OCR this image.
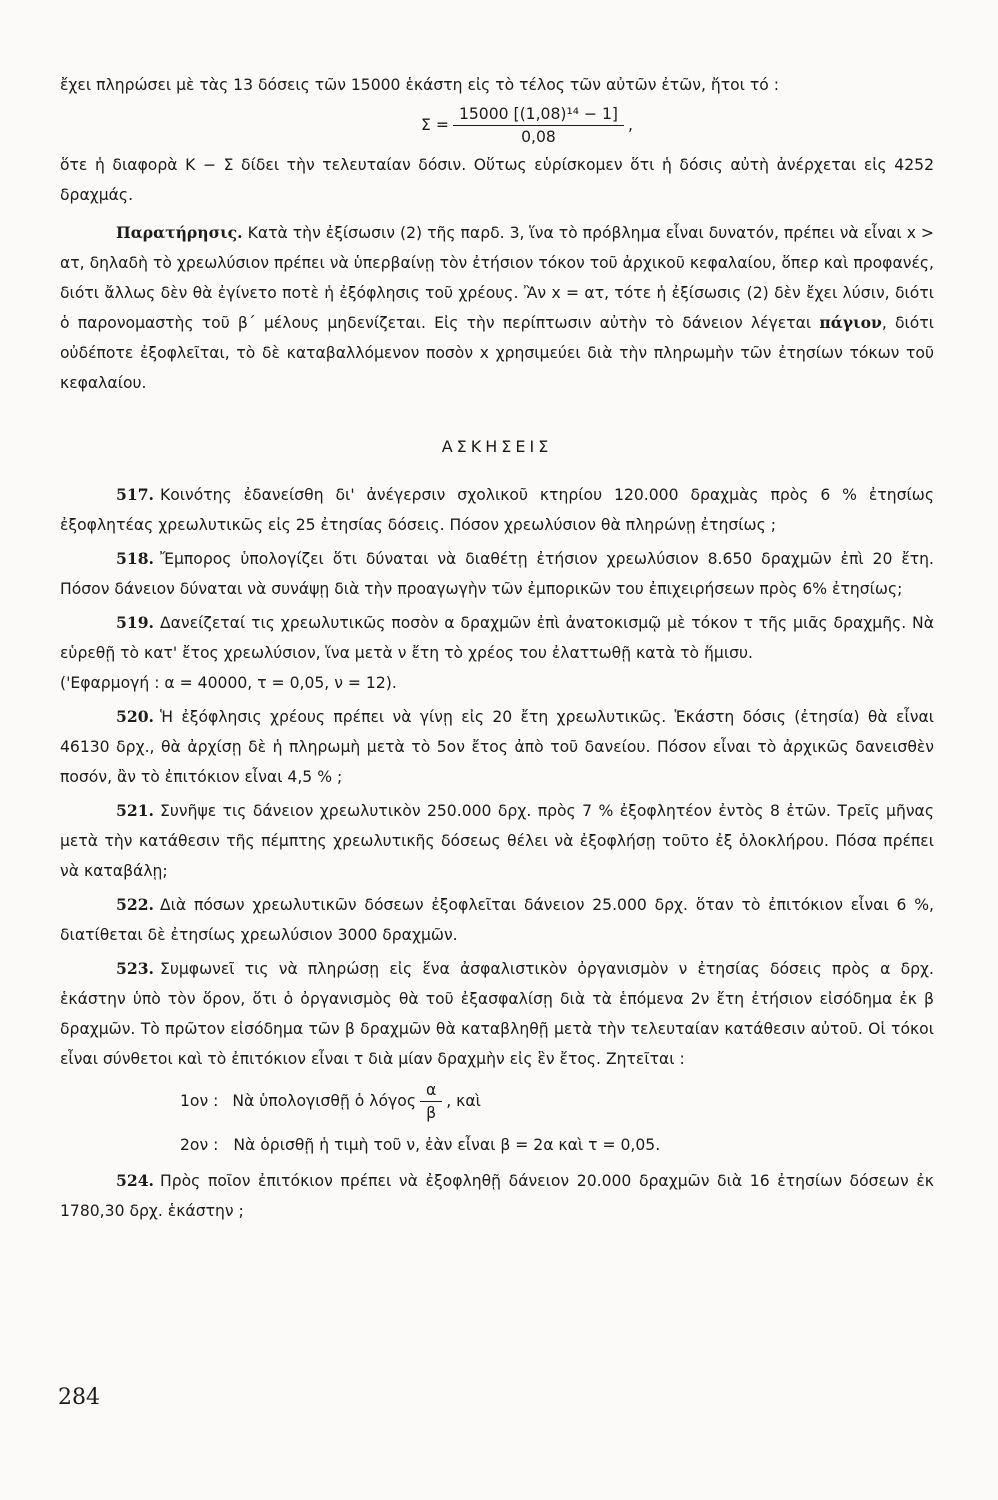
ἔχει πληρώσει μὲ τὰς 13 δόσεις τῶν 15000 ἑκάστη εἰς τὸ τέλος τῶν αὐτῶν ἐτῶν, ἤτοι τό :

$\Sigma = \frac{\text{15000 [(1,08)¹⁴ − 1]}}{0,08}$ ,

ὅτε ἡ διαφορὰ Κ − Σ δίδει τὴν τελευταίαν δόσιν. Οὕτως εὑρίσκομεν ὅτι ἡ δόσις αὐτὴ ἀνέρχεται εἰς 4252 δραχμάς.

Παρατήρησις. Κατὰ τὴν ἐξίσωσιν (2) τῆς παρδ. 3, ἵνα τὸ πρόβλημα εἶναι δυνατόν, πρέπει νὰ εἶναι x > ατ, δηλαδὴ τὸ χρεωλύσιον πρέπει νὰ ὑπερβαίνῃ τὸν ἐτήσιον τόκον τοῦ ἀρχικοῦ κεφαλαίου, ὅπερ καὶ προφανές, διότι ἄλλως δὲν θὰ ἐγίνετο ποτὲ ἡ ἐξόφλησις τοῦ χρέους. Ἂν x = ατ, τότε ἡ ἐξίσωσις (2) δὲν ἔχει λύσιν, διότι ὁ παρονομαστὴς τοῦ β΄ μέλους μηδενίζεται. Εἰς τὴν περίπτωσιν αὐτὴν τὸ δάνειον λέγεται πάγιον, διότι οὐδέποτε ἐξοφλεῖται, τὸ δὲ καταβαλλόμενον ποσὸν x χρησιμεύει διὰ τὴν πληρωμὴν τῶν ἐτησίων τόκων τοῦ κεφαλαίου.

ΑΣΚΗΣΕΙΣ

517. Κοινότης ἐδανείσθη δι' ἀνέγερσιν σχολικοῦ κτηρίου 120.000 δραχμὰς πρὸς 6 % ἐτησίως ἐξοφλητέας χρεωλυτικῶς εἰς 25 ἐτησίας δόσεις. Πόσον χρεωλύσιον θὰ πληρώνῃ ἐτησίως ;

518. Ἔμπορος ὑπολογίζει ὅτι δύναται νὰ διαθέτῃ ἐτήσιον χρεωλύσιον 8.650 δραχμῶν ἐπὶ 20 ἔτη. Πόσον δάνειον δύναται νὰ συνάψῃ διὰ τὴν προαγωγὴν τῶν ἐμπορικῶν του ἐπιχειρήσεων πρὸς 6% ἐτησίως;

519. Δανείζεταί τις χρεωλυτικῶς ποσὸν α δραχμῶν ἐπὶ ἀνατοκισμῷ μὲ τόκον τ τῆς μιᾶς δραχμῆς. Νὰ εὑρεθῇ τὸ κατ' ἔτος χρεωλύσιον, ἵνα μετὰ ν ἔτη τὸ χρέος του ἐλαττωθῇ κατὰ τὸ ἥμισυ.
('Εφαρμογή : α = 40000, τ = 0,05, ν = 12).

520. Ἡ ἐξόφλησις χρέους πρέπει νὰ γίνῃ εἰς 20 ἔτη χρεωλυτικῶς. Ἑκάστη δόσις (ἐτησία) θὰ εἶναι 46130 δρχ., θὰ ἀρχίσῃ δὲ ἡ πληρωμὴ μετὰ τὸ 5ον ἔτος ἀπὸ τοῦ δανείου. Πόσον εἶναι τὸ ἀρχικῶς δανεισθὲν ποσόν, ἂν τὸ ἐπιτόκιον εἶναι 4,5 % ;

521. Συνῆψε τις δάνειον χρεωλυτικὸν 250.000 δρχ. πρὸς 7 % ἐξοφλητέον ἐντὸς 8 ἐτῶν. Τρεῖς μῆνας μετὰ τὴν κατάθεσιν τῆς πέμπτης χρεωλυτικῆς δόσεως θέλει νὰ ἐξοφλήσῃ τοῦτο ἐξ ὁλοκλήρου. Πόσα πρέπει νὰ καταβάλῃ;

522. Διὰ πόσων χρεωλυτικῶν δόσεων ἐξοφλεῖται δάνειον 25.000 δρχ. ὅταν τὸ ἐπιτόκιον εἶναι 6 %, διατίθεται δὲ ἐτησίως χρεωλύσιον 3000 δραχμῶν.

523. Συμφωνεῖ τις νὰ πληρώσῃ εἰς ἕνα ἀσφαλιστικὸν ὀργανισμὸν ν ἐτησίας δόσεις πρὸς α δρχ. ἑκάστην ὑπὸ τὸν ὅρον, ὅτι ὁ ὀργανισμὸς θὰ τοῦ ἐξασφαλίσῃ διὰ τὰ ἑπόμενα 2ν ἔτη ἐτήσιον εἰσόδημα ἐκ β δραχμῶν. Τὸ πρῶτον εἰσόδημα τῶν β δραχμῶν θὰ καταβληθῇ μετὰ τὴν τελευταίαν κατάθεσιν αὐτοῦ. Οἱ τόκοι εἶναι σύνθετοι καὶ τὸ ἐπιτόκιον εἶναι τ διὰ μίαν δραχμὴν εἰς ἓν ἔτος. Ζητεῖται :

1ον : Νὰ ὑπολογισθῇ ὁ λόγος $\frac{\alpha}{\beta}$ , καὶ
2ον : Νὰ ὁρισθῇ ἡ τιμὴ τοῦ ν, ἐὰν εἶναι β = 2α καὶ τ = 0,05.

524. Πρὸς ποῖον ἐπιτόκιον πρέπει νὰ ἐξοφληθῇ δάνειον 20.000 δραχμῶν διὰ 16 ἐτησίων δόσεων ἐκ 1780,30 δρχ. ἑκάστην ;

284
